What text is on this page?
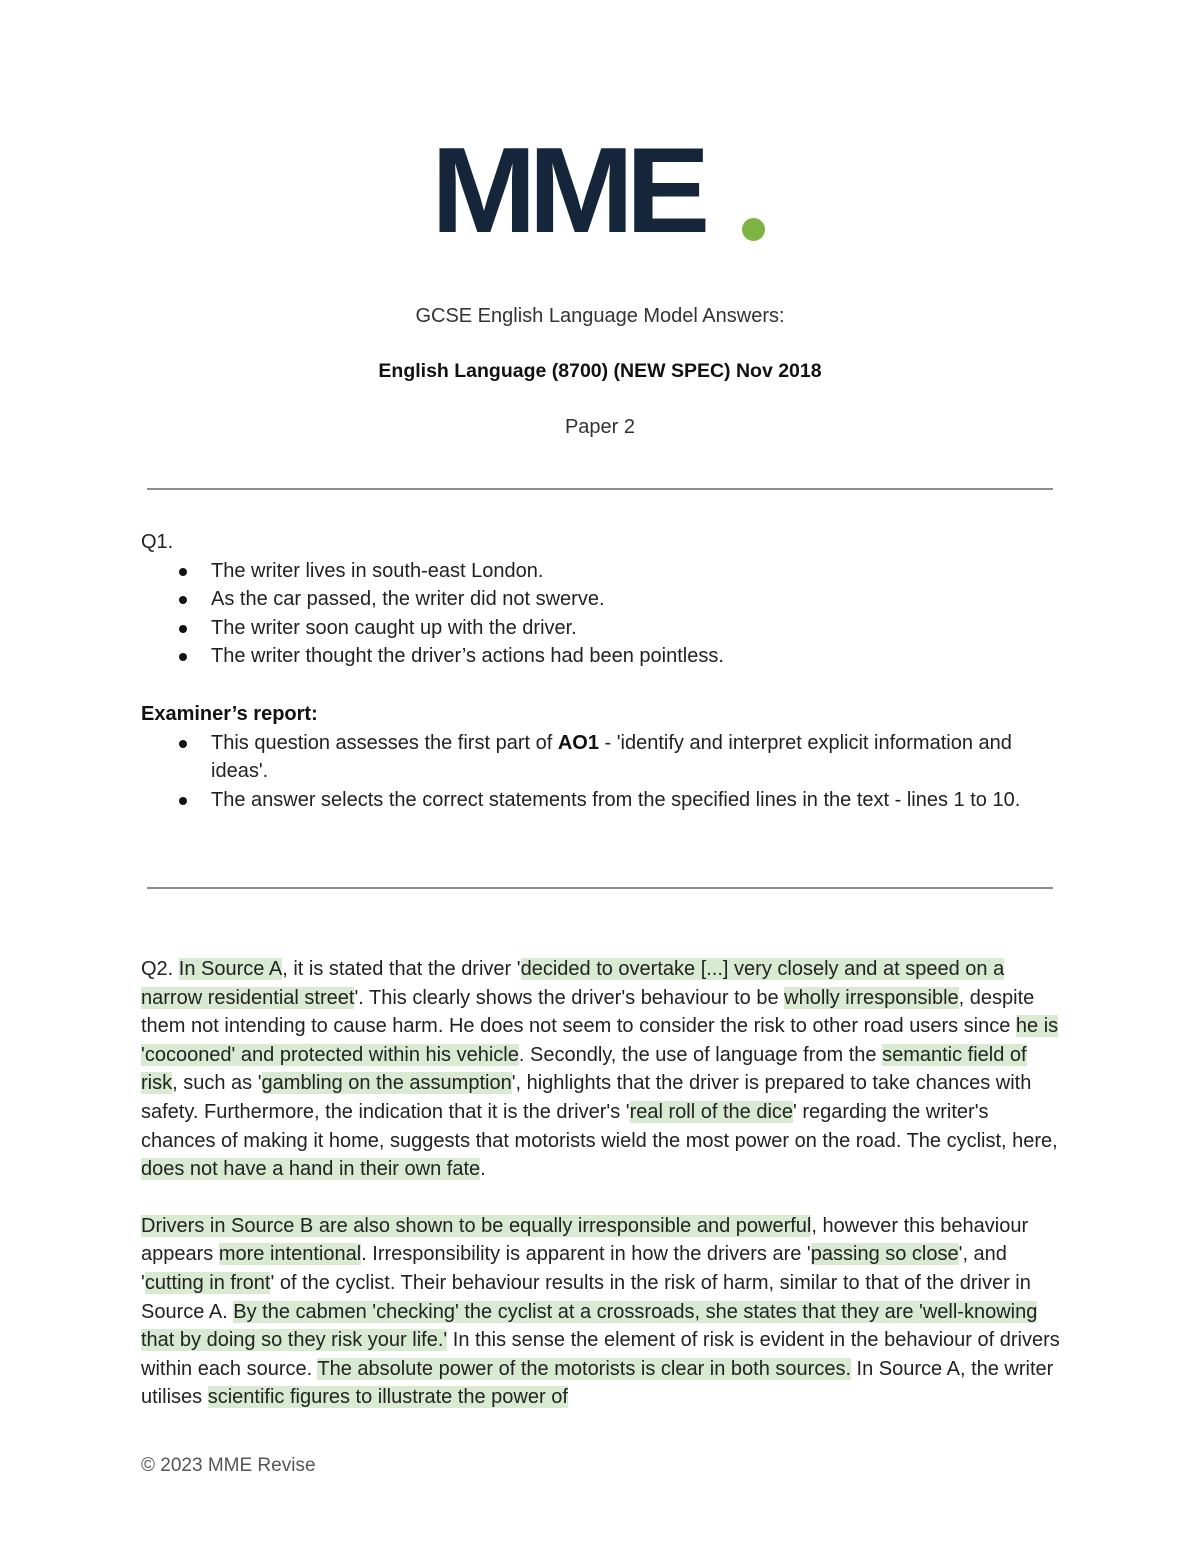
MME
GCSE English Language Model Answers:
English Language (8700) (NEW SPEC) Nov 2018
Paper 2
Q1.
The writer lives in south-east London.
As the car passed, the writer did not swerve.
The writer soon caught up with the driver.
The writer thought the driver’s actions had been pointless.
Examiner’s report:
This question assesses the first part of AO1 - 'identify and interpret explicit information and ideas'.
The answer selects the correct statements from the specified lines in the text - lines 1 to 10.

Q2. In Source A, it is stated that the driver 'decided to overtake [...] very closely and at speed on a narrow residential street'. This clearly shows the driver's behaviour to be wholly irresponsible, despite them not intending to cause harm. He does not seem to consider the risk to other road users since he is 'cocooned' and protected within his vehicle. Secondly, the use of language from the semantic field of risk, such as 'gambling on the assumption', highlights that the driver is prepared to take chances with safety. Furthermore, the indication that it is the driver's 'real roll of the dice' regarding the writer's chances of making it home, suggests that motorists wield the most power on the road. The cyclist, here, does not have a hand in their own fate.

Drivers in Source B are also shown to be equally irresponsible and powerful, however this behaviour appears more intentional. Irresponsibility is apparent in how the drivers are 'passing so close', and 'cutting in front' of the cyclist. Their behaviour results in the risk of harm, similar to that of the driver in Source A. By the cabmen 'checking' the cyclist at a crossroads, she states that they are 'well-knowing that by doing so they risk your life.' In this sense the element of risk is evident in the behaviour of drivers within each source. The absolute power of the motorists is clear in both sources. In Source A, the writer utilises scientific figures to illustrate the power of

© 2023 MME Revise
